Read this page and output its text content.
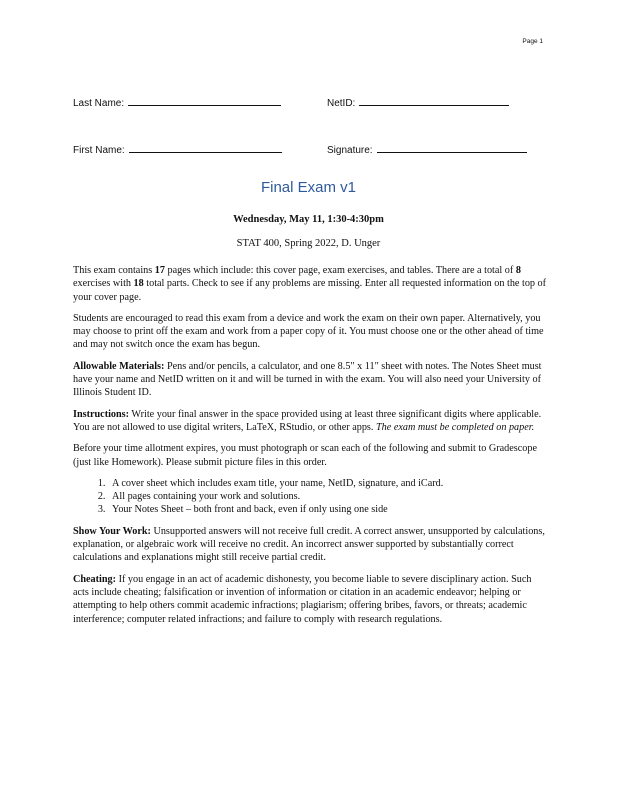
Page 1
Last Name:	NetID:
First Name:	Signature:
Final Exam v1
Wednesday, May 11, 1:30-4:30pm
STAT 400, Spring 2022, D. Unger

This exam contains 17 pages which include: this cover page, exam exercises, and tables. There are a total of 8 exercises with 18 total parts. Check to see if any problems are missing. Enter all requested information on the top of your cover page.

Students are encouraged to read this exam from a device and work the exam on their own paper. Alternatively, you may choose to print off the exam and work from a paper copy of it. You must choose one or the other ahead of time and may not switch once the exam has begun.

Allowable Materials: Pens and/or pencils, a calculator, and one 8.5" x 11" sheet with notes. The Notes Sheet must have your name and NetID written on it and will be turned in with the exam. You will also need your University of Illinois Student ID.

Instructions: Write your final answer in the space provided using at least three significant digits where applicable. You are not allowed to use digital writers, LaTeX, RStudio, or other apps. The exam must be completed on paper.

Before your time allotment expires, you must photograph or scan each of the following and submit to Gradescope (just like Homework). Please submit picture files in this order.

1. A cover sheet which includes exam title, your name, NetID, signature, and iCard.
2. All pages containing your work and solutions.
3. Your Notes Sheet – both front and back, even if only using one side

Show Your Work: Unsupported answers will not receive full credit. A correct answer, unsupported by calculations, explanation, or algebraic work will receive no credit. An incorrect answer supported by substantially correct calculations and explanations might still receive partial credit.

Cheating: If you engage in an act of academic dishonesty, you become liable to severe disciplinary action. Such acts include cheating; falsification or invention of information or citation in an academic endeavor; helping or attempting to help others commit academic infractions; plagiarism; offering bribes, favors, or threats; academic interference; computer related infractions; and failure to comply with research regulations.
